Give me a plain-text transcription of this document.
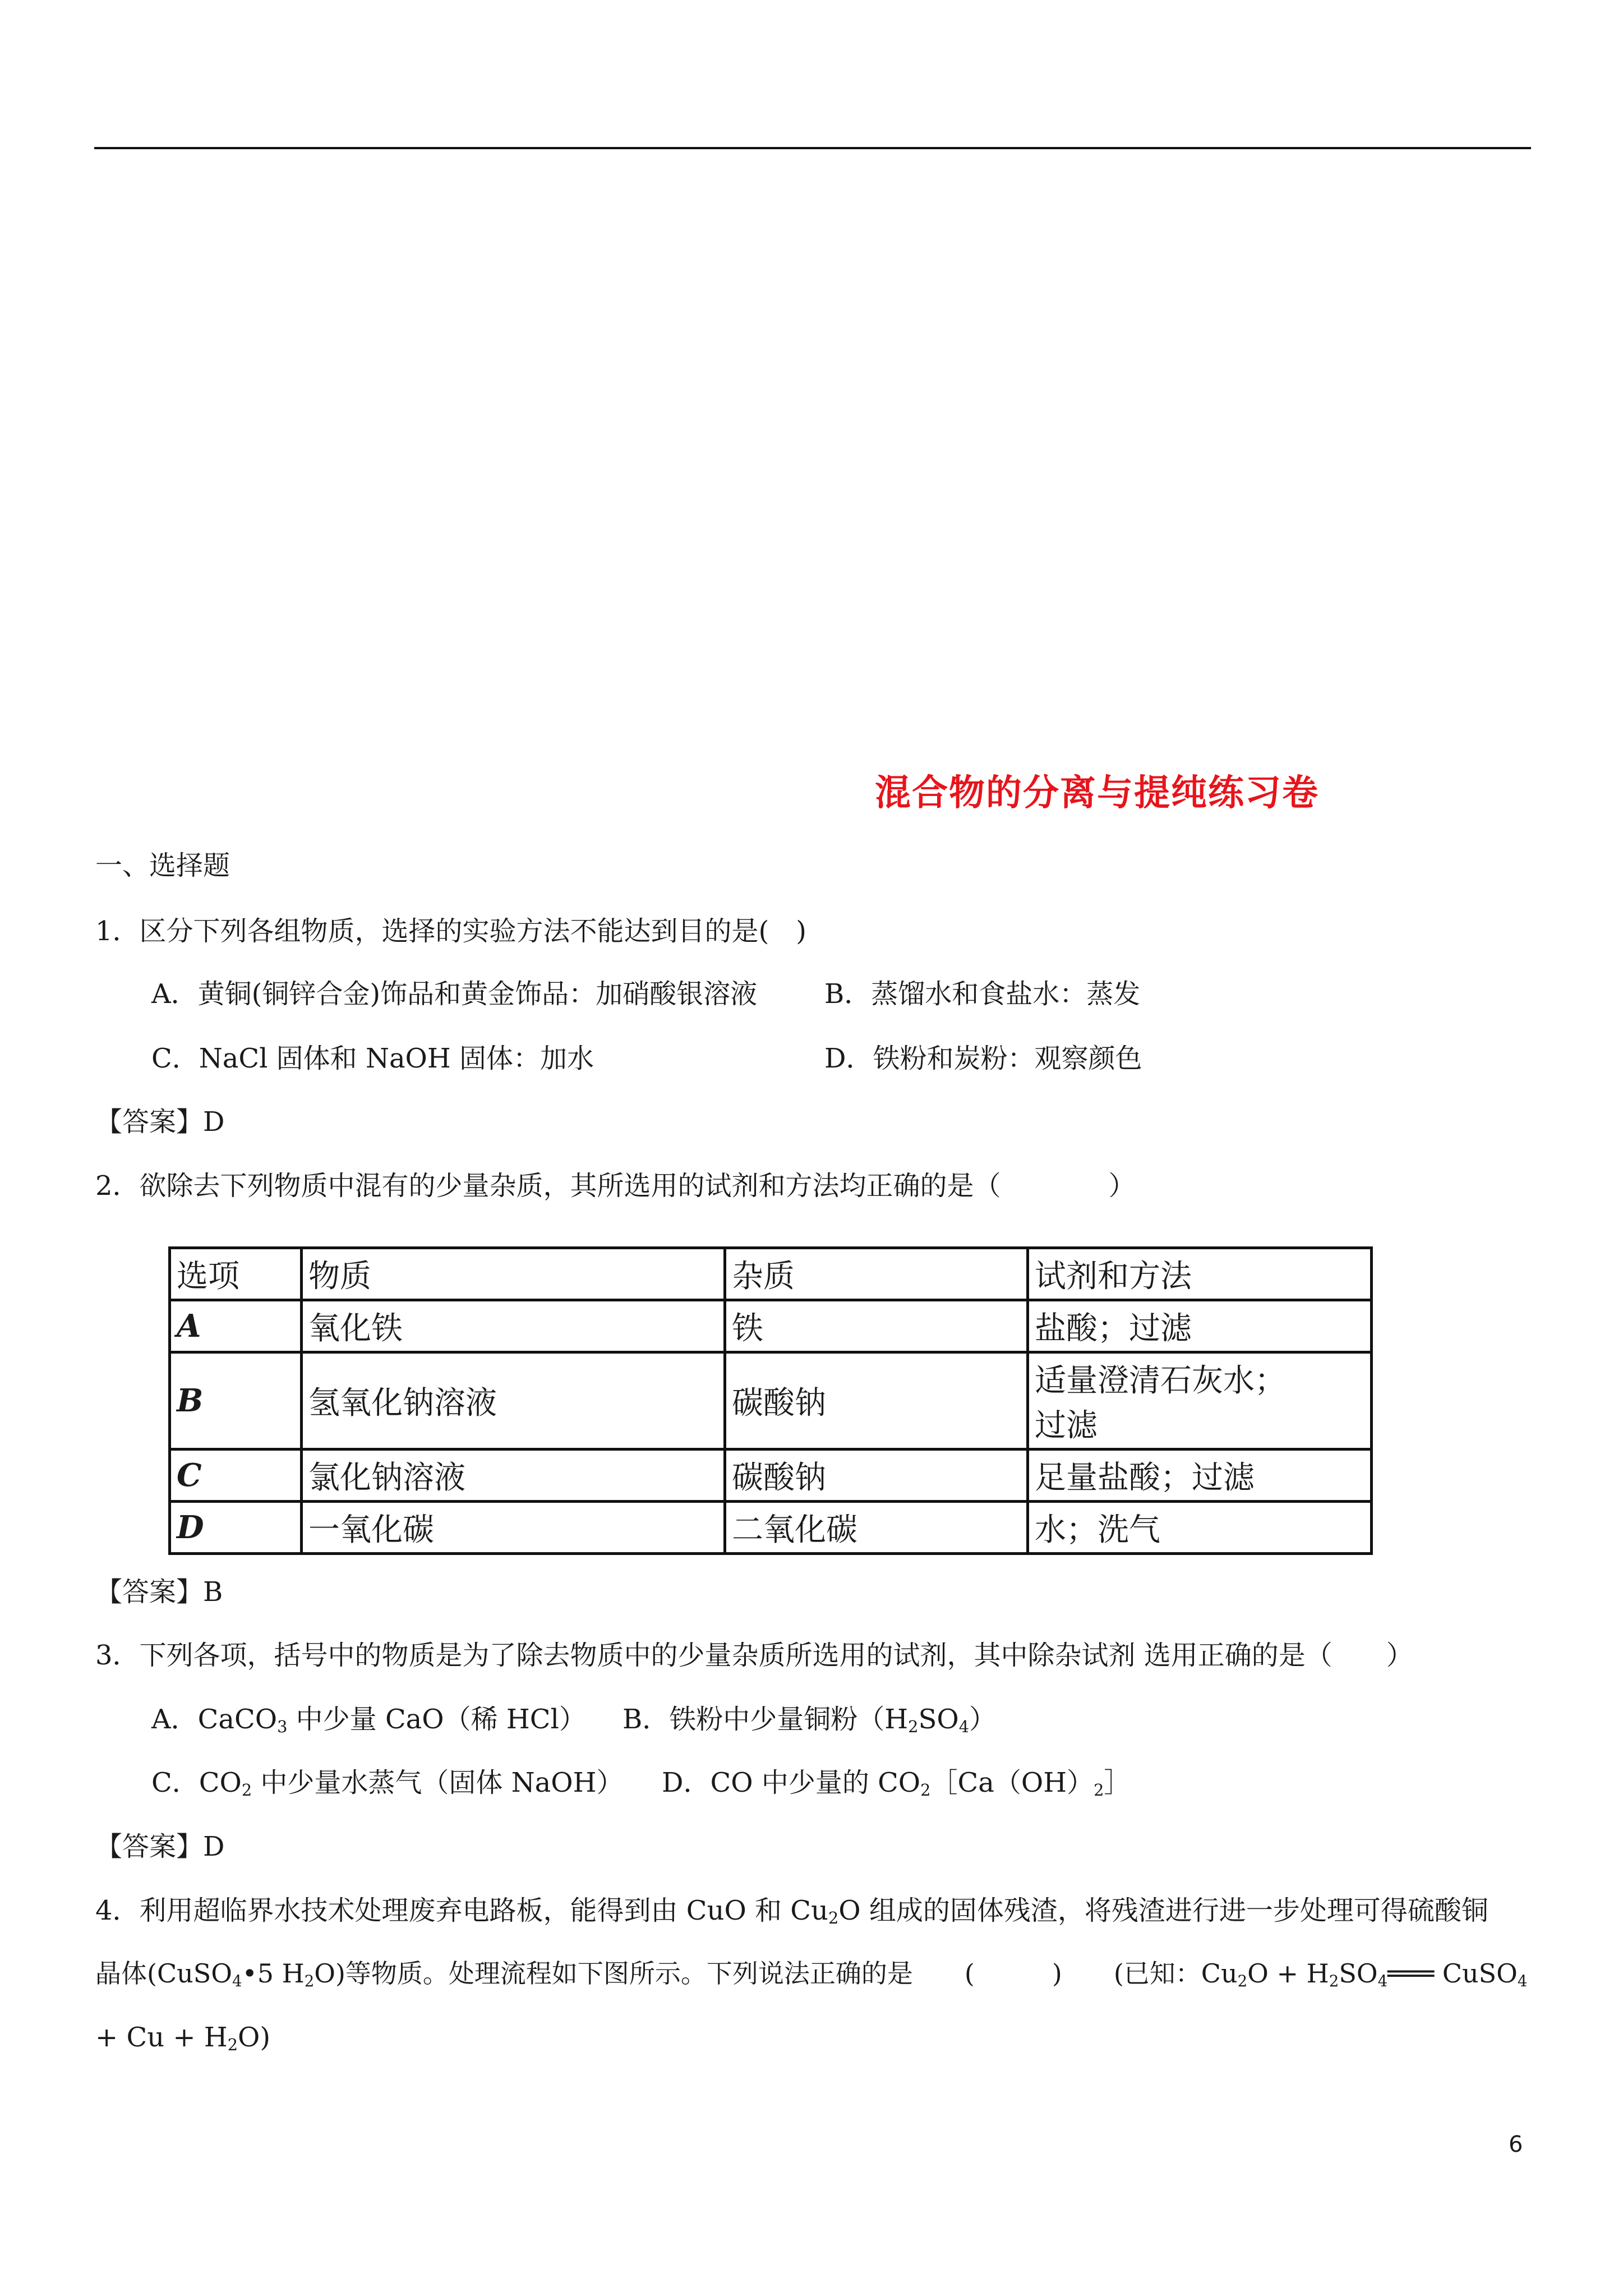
混合物的分离与提纯练习卷
一、选择题
1．区分下列各组物质，选择的实验方法不能达到目的是(　)
A．黄铜(铜锌合金)饰品和黄金饰品：加硝酸银溶液 B．蒸馏水和食盐水：蒸发
C．NaCl 固体和 NaOH 固体：加水	D．铁粉和炭粉：观察颜色
【答案】D
2．欲除去下列物质中混有的少量杂质，其所选用的试剂和方法均正确的是（　　　　）
选项	物质	杂质	试剂和方法
A	氧化铁	铁	盐酸；过滤
B	氢氧化钠溶液	碳酸钠	适量澄清石灰水；
过滤

C	氯化钠溶液	碳酸钠	足量盐酸；过滤
D	一氧化碳	二氧化碳	水；洗气
【答案】B
3．下列各项，括号中的物质是为了除去物质中的少量杂质所选用的试剂，其中除杂试剂 选用正确的是（　　）
A．CaCO$_3$ 中少量 CaO（稀 HCl） B．铁粉中少量铜粉$(H_2SO_4)$
C．$CO_2$ 中少量水蒸气（固体 NaOH） D．CO 中少量的 $CO_2[Ca(OH)_2]$
【答案】D
4．利用超临界水技术处理废弃电路板，能得到由 CuO 和 $Cu_2O$ 组成的固体残渣，将残渣进行进一步处理可得硫酸铜
晶体(CuSO$_4$•5 $H_2O$)等物质。处理流程如下图所示。下列说法正确的是　　(　　　)　　(已知：$Cu_2O$ + $H_2SO_4═══$ CuSO$_4$
+ $Cu + H_2O$)
6
